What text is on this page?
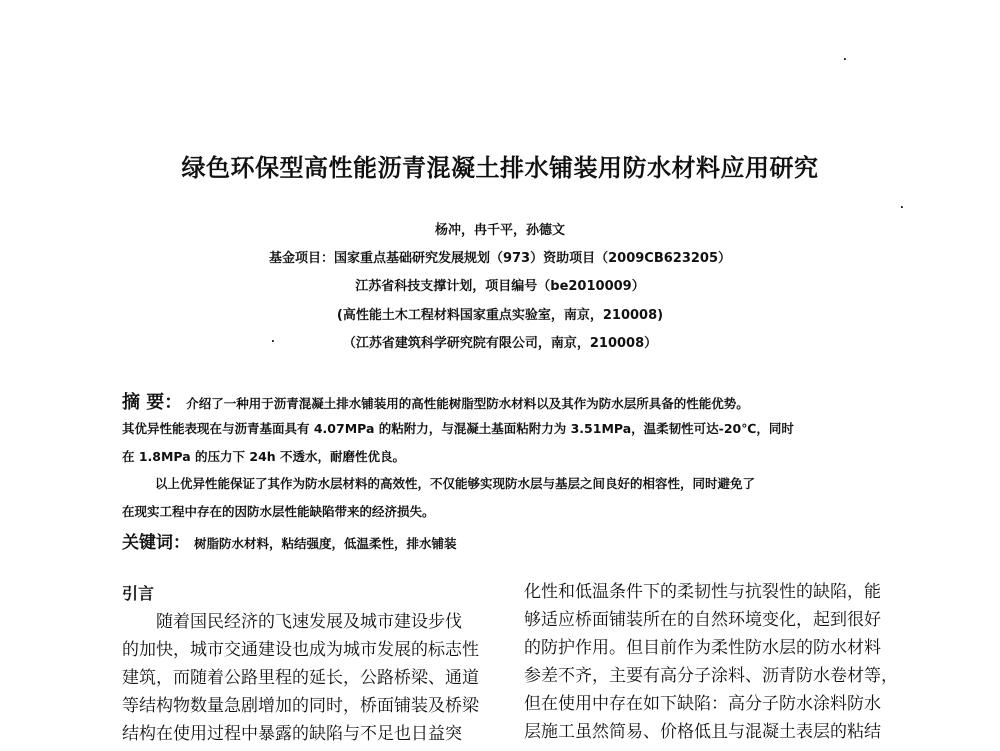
绿色环保型高性能沥青混凝土排水铺装用防水材料应用研究
杨冲，冉千平，孙德文
基金项目：国家重点基础研究发展规划（973）资助项目（2009CB623205）
江苏省科技支撑计划，项目编号（be2010009）
(高性能土木工程材料国家重点实验室，南京，210008)
（江苏省建筑科学研究院有限公司，南京，210008）
.
.
.
摘 要： 介绍了一种用于沥青混凝土排水铺装用的高性能树脂型防水材料以及其作为防水层所具备的性能优势。
其优异性能表现在与沥青基面具有 4.07MPa 的粘附力，与混凝土基面粘附力为 3.51MPa，温柔韧性可达-20℃，同时
在 1.8MPa 的压力下 24h 不透水，耐磨性优良。
以上优异性能保证了其作为防水层材料的高效性，不仅能够实现防水层与基层之间良好的相容性，同时避免了
在现实工程中存在的因防水层性能缺陷带来的经济损失。
关键词： 树脂防水材料，粘结强度，低温柔性，排水铺装
引言
随着国民经济的飞速发展及城市建设步伐
的加快，城市交通建设也成为城市发展的标志性
建筑，而随着公路里程的延长，公路桥梁、通道
等结构物数量急剧增加的同时，桥面铺装及桥梁
结构在使用过程中暴露的缺陷与不足也日益突
化性和低温条件下的柔韧性与抗裂性的缺陷，能
够适应桥面铺装所在的自然环境变化，起到很好
的防护作用。但目前作为柔性防水层的防水材料
参差不齐，主要有高分子涂料、沥青防水卷材等，
但在使用中存在如下缺陷：高分子防水涂料防水
层施工虽然简易、价格低且与混凝土表层的粘结
